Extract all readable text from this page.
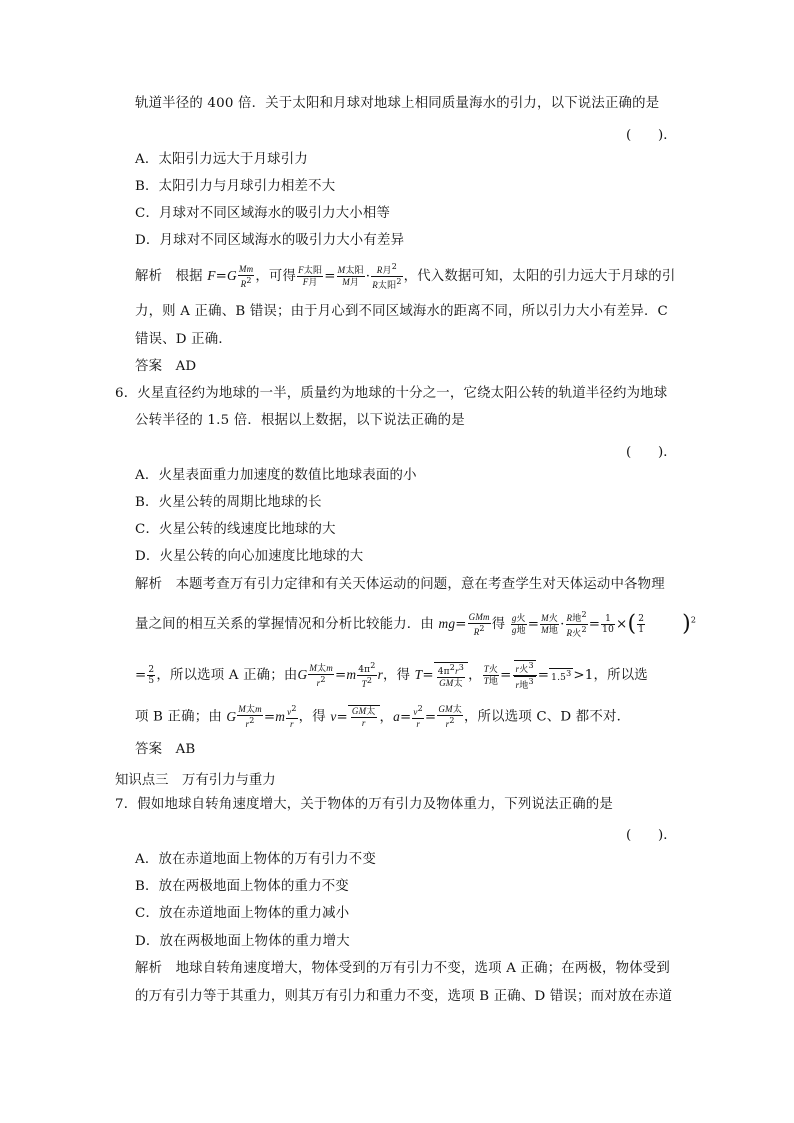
轨道半径的 400 倍．关于太阳和月球对地球上相同质量海水的引力，以下说法正确的是
(　　)．
A．太阳引力远大于月球引力
B．太阳引力与月球引力相差不大
C．月球对不同区域海水的吸引力大小相等
D．月球对不同区域海水的吸引力大小有差异
解析 根据 $F=G \frac{Mm}{R^2}$ ，可得 $\frac{\text{F太阳}}{\text{F月}} = \frac{\text{M太阳}}{\text{M月}} \cdot \frac{R月^2}{R太阳^2}$ ，代入数据可知，太阳的引力远大于月球的引
力，则 A 正确、B 错误；由于月心到不同区域海水的距离不同，所以引力大小有差异．C
错误、D 正确．
答案 AD
6．火星直径约为地球的一半，质量约为地球的十分之一，它绕太阳公转的轨道半径约为地球
公转半径的 1.5 倍．根据以上数据，以下说法正确的是
(　　)．
A．火星表面重力加速度的数值比地球表面的小
B．火星公转的周期比地球的长
C．火星公转的线速度比地球的大
D．火星公转的向心加速度比地球的大
解析 本题考查万有引力定律和有关天体运动的问题，意在考查学生对天体运动中各物理
量之间的相互关系的掌握情况和分析比较能力．由 $mg= \frac{\text{GMm}}{R^2}$ 得 $\frac{\text{g火}}{\text{g地}} = \frac{\text{M火}}{\text{M地}} \cdot \frac{R地^2}{R火^2} = \frac{1}{10}$ ×( $\frac{2}{1} )^2$
= $\frac{2}{5}$ ，所以选项 A 正确；由G $\frac{\text{M太m}}{r^2} =m \frac{4\pi^2}{T^2}$ r，得 $T= \frac{4\pi^2r^3}{\text{GM太}}$ ， $\frac{\text{T火}}{\text{T地}} = \frac{r火^3}{r地^3} = 1.5^3 >1$，所以选
项 B 正确；由 G $\frac{\text{M太m}}{r^2} =m \frac{v^2}{r}$ ，得 $v= \frac{\text{GM太}}{r}$ ，$a= \frac{v^2}{r} = \frac{\text{GM太}}{r^2}$ ，所以选项 C、D 都不对．
答案 AB
知识点三　万有引力与重力
7．假如地球自转角速度增大，关于物体的万有引力及物体重力，下列说法正确的是
(　　)．
A．放在赤道地面上物体的万有引力不变
B．放在两极地面上物体的重力不变
C．放在赤道地面上物体的重力减小
D．放在两极地面上物体的重力增大
解析 地球自转角速度增大，物体受到的万有引力不变，选项 A 正确；在两极，物体受到
的万有引力等于其重力，则其万有引力和重力不变，选项 B 正确、D 错误；而对放在赤道
